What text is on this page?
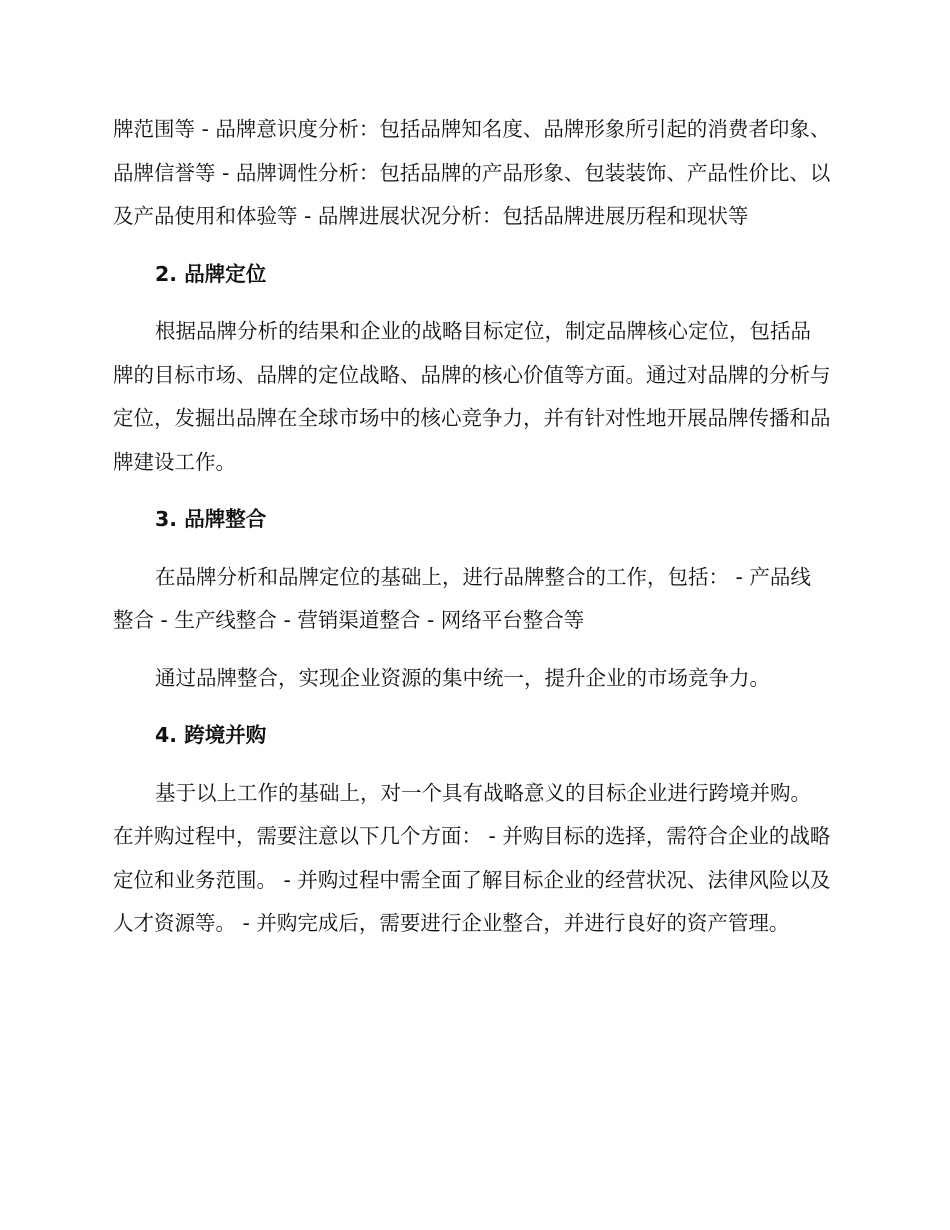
牌范围等 - 品牌意识度分析：包括品牌知名度、品牌形象所引起的消费者印象、品牌信誉等 - 品牌调性分析：包括品牌的产品形象、包装装饰、产品性价比、以及产品使用和体验等 - 品牌进展状况分析：包括品牌进展历程和现状等

2. 品牌定位

根据品牌分析的结果和企业的战略目标定位，制定品牌核心定位，包括品牌的目标市场、品牌的定位战略、品牌的核心价值等方面。通过对品牌的分析与定位，发掘出品牌在全球市场中的核心竞争力，并有针对性地开展品牌传播和品牌建设工作。

3. 品牌整合

在品牌分析和品牌定位的基础上，进行品牌整合的工作，包括： - 产品线整合 - 生产线整合 - 营销渠道整合 - 网络平台整合等

通过品牌整合，实现企业资源的集中统一，提升企业的市场竞争力。

4. 跨境并购

基于以上工作的基础上，对一个具有战略意义的目标企业进行跨境并购。在并购过程中，需要注意以下几个方面： - 并购目标的选择，需符合企业的战略定位和业务范围。 - 并购过程中需全面了解目标企业的经营状况、法律风险以及人才资源等。 - 并购完成后，需要进行企业整合，并进行良好的资产管理。
